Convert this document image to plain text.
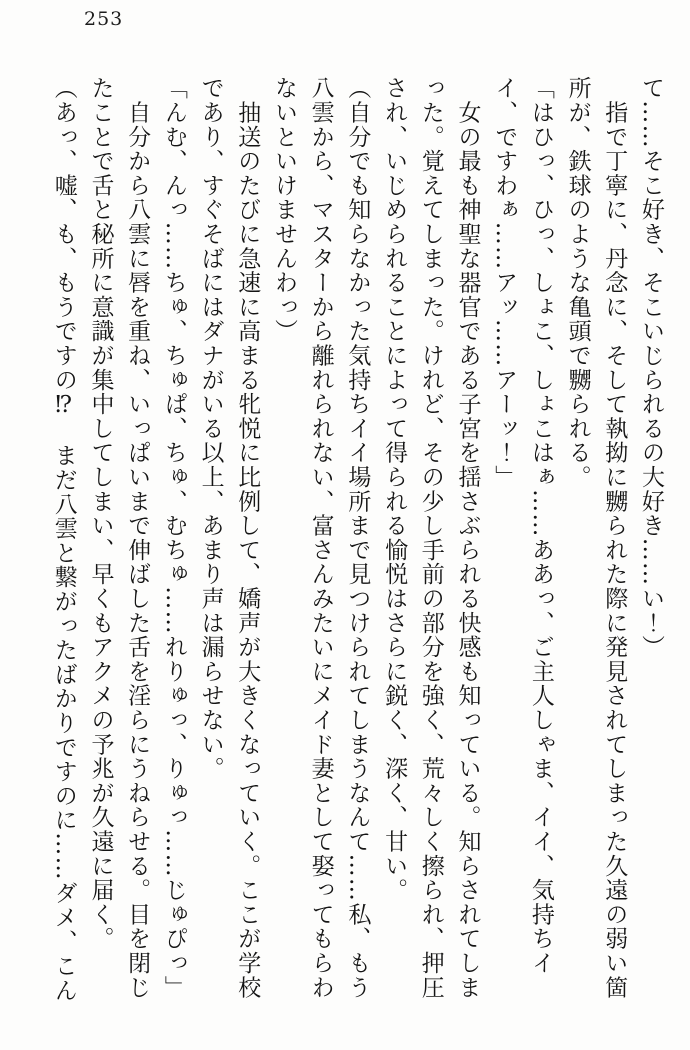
253

て……そこ好き、そこいじられるの大好き……い！）

　指で丁寧に、丹念に、そして執拗に嬲られた際に発見されてしまった久遠の弱い箇所が、鉄球のような亀頭で嬲られる。

「はひっ、ひっ、しょこ、しょこはぁ……ああっ、ご主人しゃま、イイ、気持ちイイ、ですわぁ……アッ……アーッ！」

　女の最も神聖な器官である子宮を揺さぶられる快感も知っている。知らされてしまった。覚えてしまった。けれど、その少し手前の部分を強く、荒々しく擦られ、押圧され、いじめられることによって得られる愉悦はさらに鋭く、深く、甘い。

（自分でも知らなかった気持ちイイ場所まで見つけられてしまうなんて……私、もう八雲から、マスターから離れられない、富さんみたいにメイド妻として娶ってもらわないといけませんわっ）

　抽送のたびに急速に高まる牝悦に比例して、嬌声が大きくなっていく。ここが学校であり、すぐそばにはダナがいる以上、あまり声は漏らせない。

「んむ、んっ……ちゅ、ちゅぱ、ちゅ、むちゅ……れりゅっ、りゅっ……じゅぴっ」

　自分から八雲に唇を重ね、いっぱいまで伸ばした舌を淫らにうねらせる。目を閉じたことで舌と秘所に意識が集中してしまい、早くもアクメの予兆が久遠に届く。

（あっ、嘘、も、もうですの⁉　まだ八雲と繋がったばかりですのに……ダメ、こん
